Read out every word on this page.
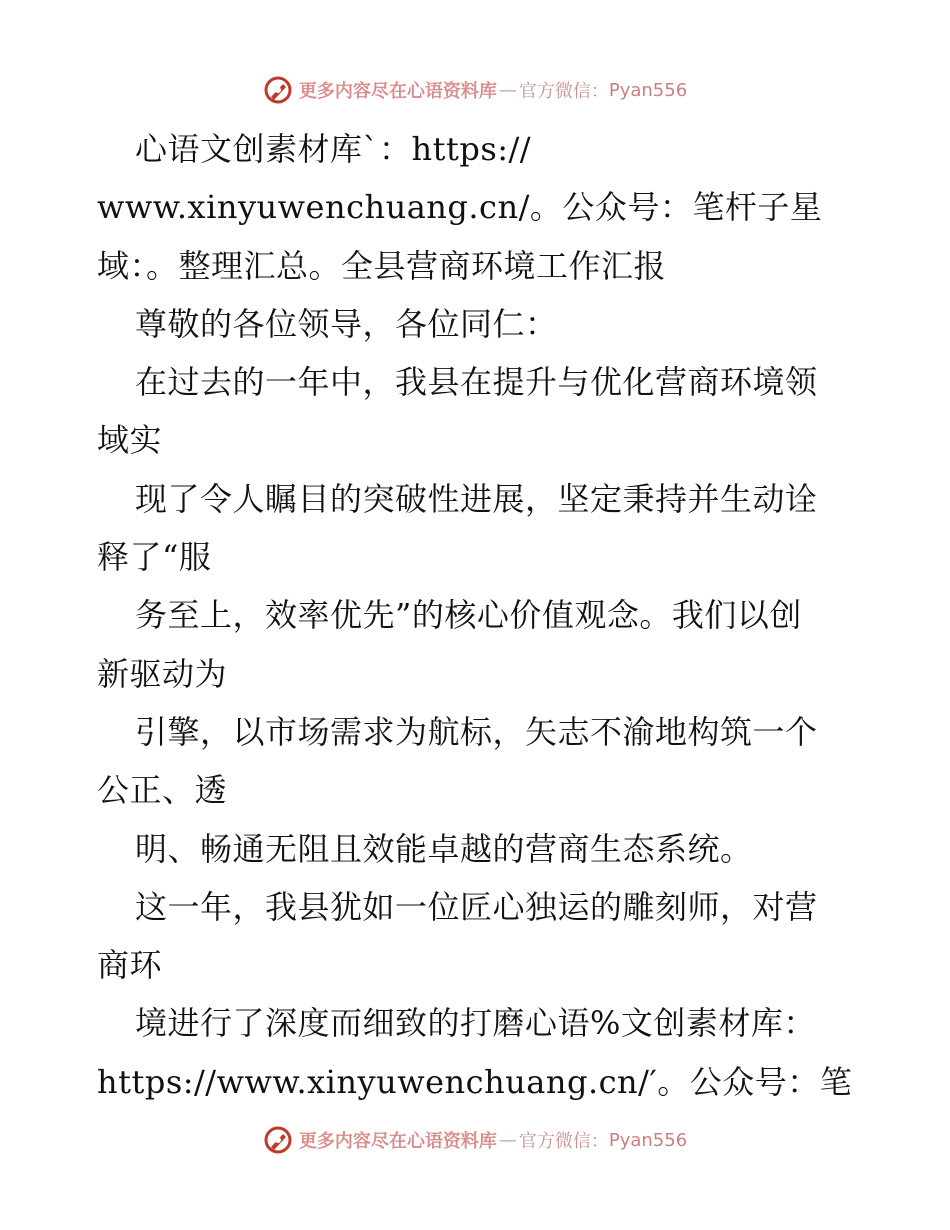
更多内容尽在心语资料库 — 官方微信： Pyan556
心语文创素材库`：https://
www.xinyuwenchuang.cn/。公众号：笔杆子星
域：。整理汇总。全县营商环境工作汇报
尊敬的各位领导，各位同仁：
在过去的一年中，我县在提升与优化营商环境领
域实
现了令人瞩目的突破性进展，坚定秉持并生动诠
释了“服
务至上，效率优先”的核心价值观念。我们以创
新驱动为
引擎，以市场需求为航标，矢志不渝地构筑一个
公正、透
明、畅通无阻且效能卓越的营商生态系统。
这一年，我县犹如一位匠心独运的雕刻师，对营
商环
境进行了深度而细致的打磨心语%文创素材库：
https://www.xinyuwenchuang.cn/′。公众号：笔
更多内容尽在心语资料库 — 官方微信： Pyan556
